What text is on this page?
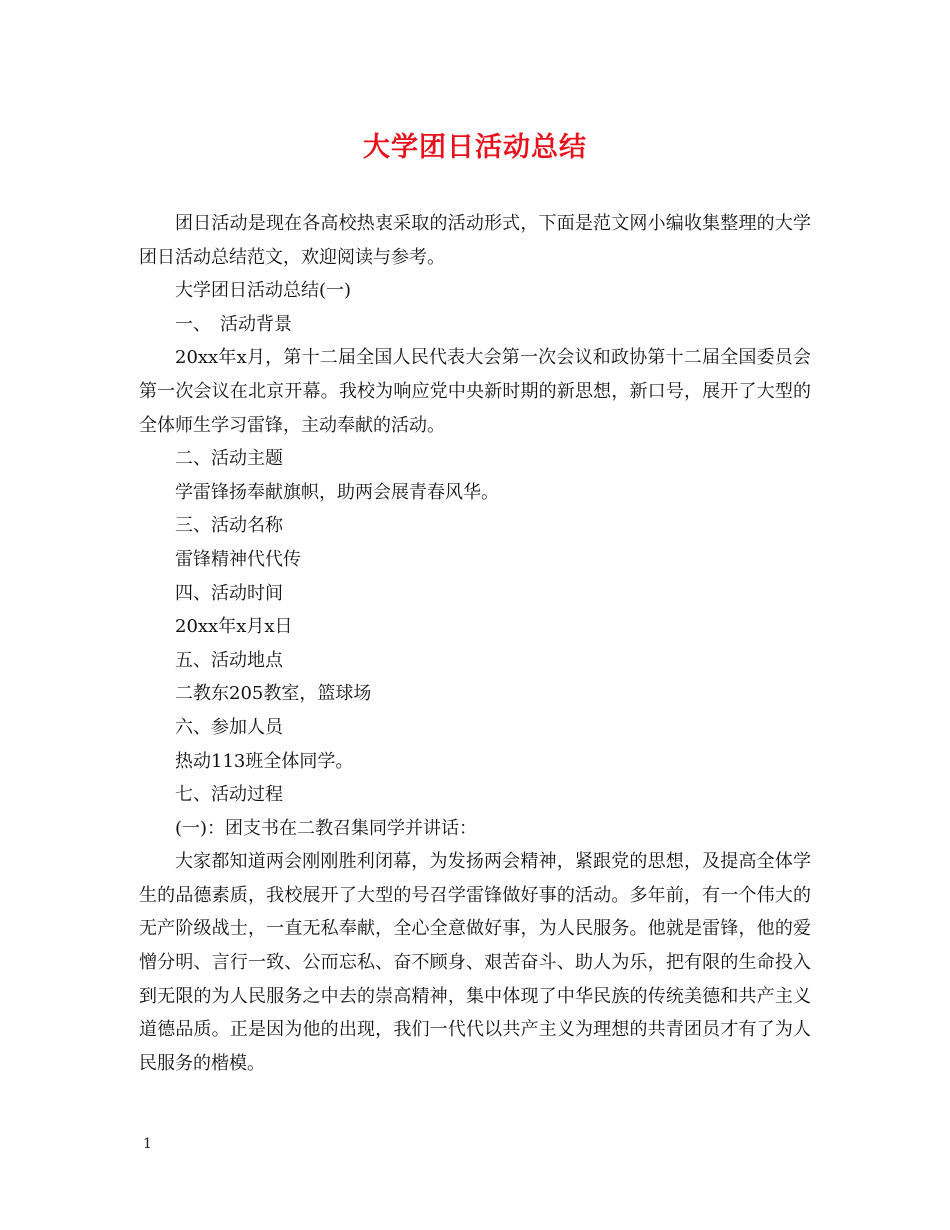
大学团日活动总结

团日活动是现在各高校热衷采取的活动形式，下面是范文网小编收集整理的大学团日活动总结范文，欢迎阅读与参考。

大学团日活动总结(一)

一、　活动背景

20xx年x月，第十二届全国人民代表大会第一次会议和政协第十二届全国委员会第一次会议在北京开幕。我校为响应党中央新时期的新思想，新口号，展开了大型的全体师生学习雷锋，主动奉献的活动。

二、活动主题

学雷锋扬奉献旗帜，助两会展青春风华。

三、活动名称

雷锋精神代代传

四、活动时间

20xx年x月x日

五、活动地点

二教东205教室，篮球场

六、参加人员

热动113班全体同学。

七、活动过程

(一)：团支书在二教召集同学并讲话：

大家都知道两会刚刚胜利闭幕，为发扬两会精神，紧跟党的思想，及提高全体学生的品德素质，我校展开了大型的号召学雷锋做好事的活动。多年前，有一个伟大的无产阶级战士，一直无私奉献，全心全意做好事，为人民服务。他就是雷锋，他的爱憎分明、言行一致、公而忘私、奋不顾身、艰苦奋斗、助人为乐，把有限的生命投入到无限的为人民服务之中去的崇高精神，集中体现了中华民族的传统美德和共产主义道德品质。正是因为他的出现，我们一代代以共产主义为理想的共青团员才有了为人民服务的楷模。

1
